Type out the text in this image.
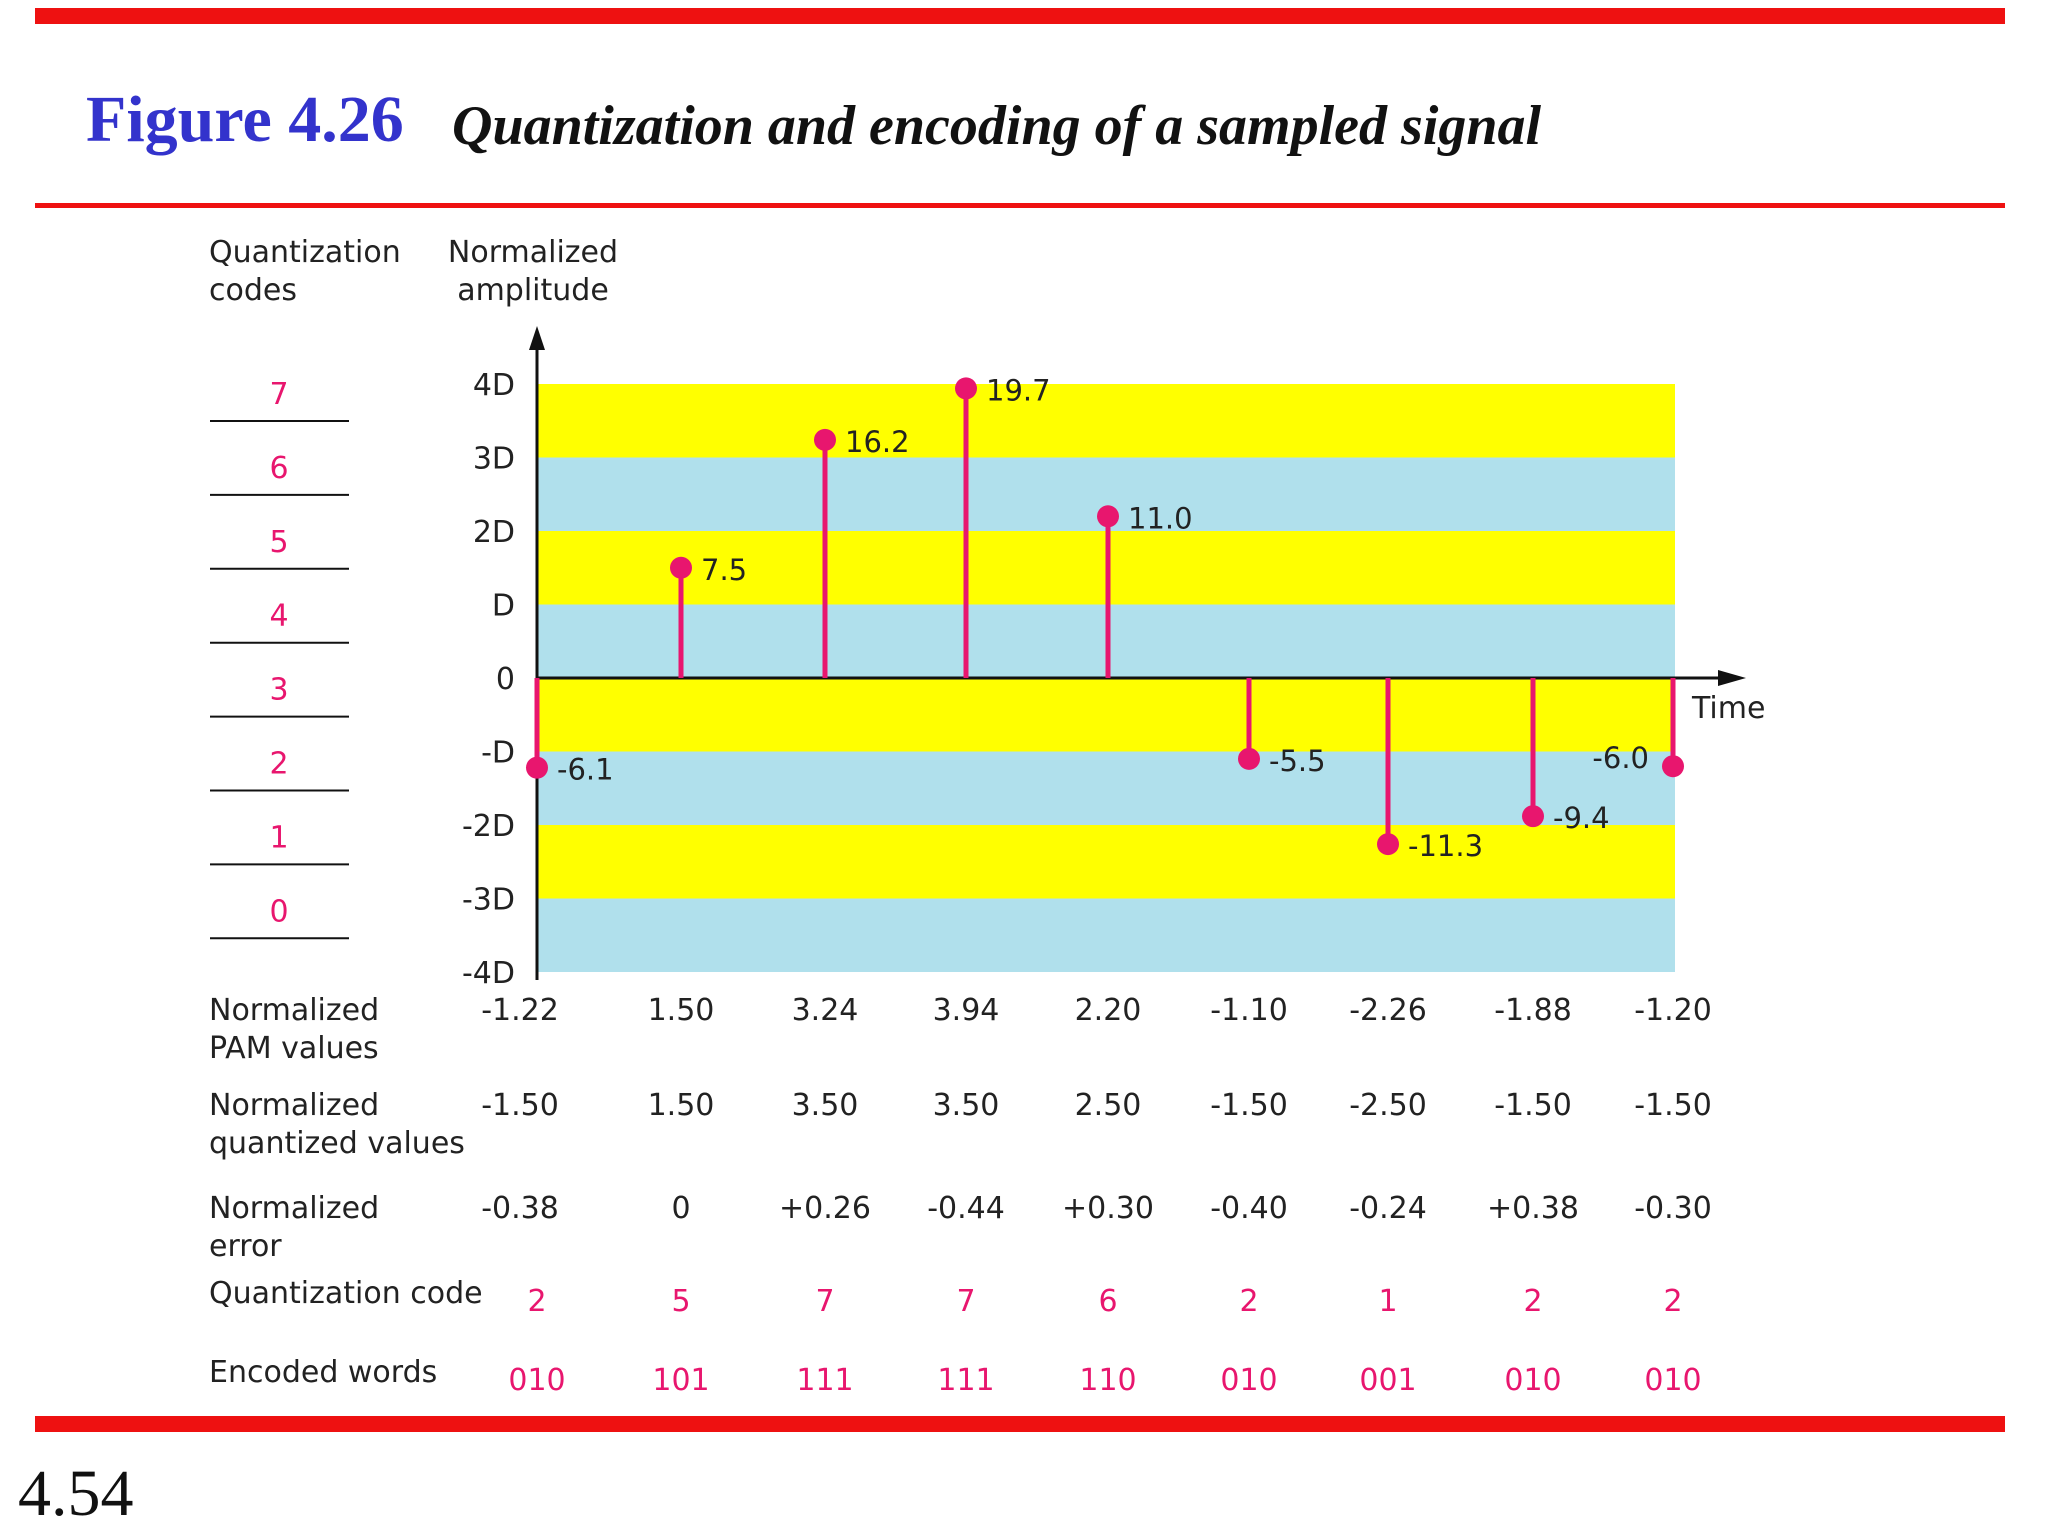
Figure 4.26 Quantization and encoding of a sampled signal
Quantization
codes
Normalized
amplitude
Time
4D
3D
2D
D
0
-D
-2D
-3D
-4D
7
6
5
4
3
2
1
0
-6.1
7.5
16.2
19.7
11.0
-5.5
-11.3
-9.4
-6.0
Normalized
PAM values
-1.22	1.50	3.24 3.94	2.20 -1.10 -2.26 -1.88 -1.20
Normalized
quantized values
-1.50	1.50	3.50 3.50	2.50 -1.50 -2.50 -1.50 -1.50
Normalized
error
-0.38	0	+0.26 -0.44 +0.30 -0.40 -0.24 +0.38 -0.30
Quantization code 2	5	7	7	6	2	1	2	2
Encoded words 010	101	111	111	110	010	001	010	010
4.54
